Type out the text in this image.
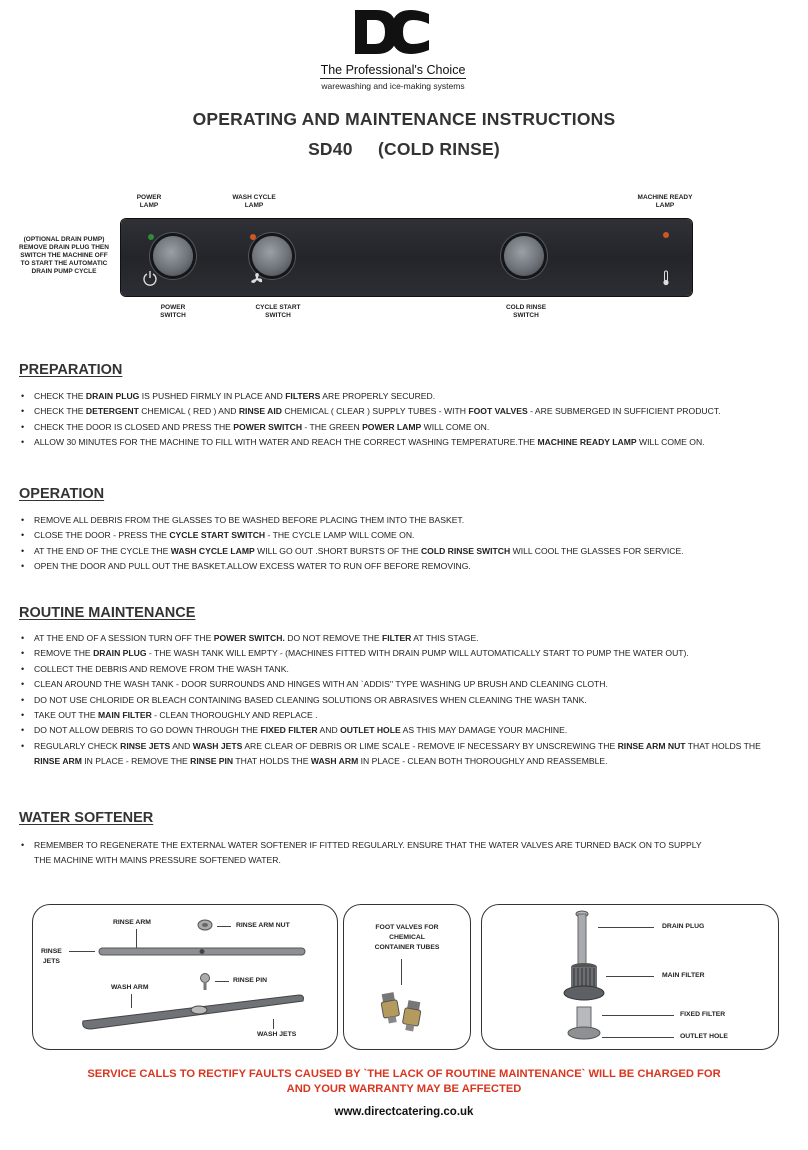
The Professional's Choice
warewashing and ice-making systems
OPERATING AND MAINTENANCE INSTRUCTIONS
SD40     (COLD RINSE)
POWER
LAMP
WASH CYCLE
LAMP
MACHINE READY
LAMP
(OPTIONAL DRAIN PUMP)
REMOVE DRAIN PLUG THEN
SWITCH THE MACHINE OFF
TO START THE AUTOMATIC
DRAIN PUMP CYCLE
POWER
SWITCH
CYCLE START
SWITCH
COLD RINSE
SWITCH
PREPARATION
• CHECK THE DRAIN PLUG IS PUSHED FIRMLY IN PLACE AND FILTERS ARE PROPERLY SECURED.
• CHECK THE DETERGENT CHEMICAL ( RED ) AND RINSE AID CHEMICAL ( CLEAR ) SUPPLY TUBES - WITH FOOT VALVES - ARE SUBMERGED IN SUFFICIENT PRODUCT.
• CHECK THE DOOR IS CLOSED AND PRESS THE POWER SWITCH - THE GREEN POWER LAMP WILL COME ON.
• ALLOW 30 MINUTES FOR THE MACHINE TO FILL WITH WATER AND REACH THE CORRECT WASHING TEMPERATURE.THE MACHINE READY LAMP WILL COME ON.
OPERATION
• REMOVE ALL DEBRIS FROM THE GLASSES TO BE WASHED BEFORE PLACING THEM INTO THE BASKET.
• CLOSE THE DOOR - PRESS THE CYCLE START SWITCH - THE CYCLE LAMP WILL COME ON.
• AT THE END OF THE CYCLE THE WASH CYCLE LAMP WILL GO OUT .SHORT BURSTS OF THE COLD RINSE SWITCH WILL COOL THE GLASSES FOR SERVICE.
• OPEN THE DOOR AND PULL OUT THE BASKET.ALLOW EXCESS WATER TO RUN OFF BEFORE REMOVING.
ROUTINE MAINTENANCE
• AT THE END OF A SESSION TURN OFF THE POWER SWITCH. DO NOT REMOVE THE FILTER AT THIS STAGE.
• REMOVE THE DRAIN PLUG - THE WASH TANK WILL EMPTY - (MACHINES FITTED WITH DRAIN PUMP WILL AUTOMATICALLY START TO PUMP THE WATER OUT).
• COLLECT THE DEBRIS AND REMOVE FROM THE WASH TANK.
• CLEAN AROUND THE WASH TANK - DOOR SURROUNDS AND HINGES WITH AN `ADDIS'' TYPE WASHING UP BRUSH AND CLEANING CLOTH.
• DO NOT USE CHLORIDE OR BLEACH CONTAINING BASED CLEANING SOLUTIONS OR ABRASIVES WHEN CLEANING THE WASH TANK.
• TAKE OUT THE MAIN FILTER - CLEAN THOROUGHLY AND REPLACE .
• DO NOT ALLOW DEBRIS TO GO DOWN THROUGH THE FIXED FILTER AND OUTLET HOLE AS THIS MAY DAMAGE YOUR MACHINE.
• REGULARLY CHECK RINSE JETS AND WASH JETS ARE CLEAR OF DEBRIS OR LIME SCALE - REMOVE IF NECESSARY BY UNSCREWING THE RINSE ARM NUT THAT HOLDS THE RINSE ARM IN PLACE - REMOVE THE RINSE PIN THAT HOLDS THE WASH ARM IN PLACE - CLEAN BOTH THOROUGHLY AND REASSEMBLE.
WATER SOFTENER
• REMEMBER TO REGENERATE THE EXTERNAL WATER SOFTENER IF FITTED REGULARLY. ENSURE THAT THE WATER VALVES ARE TURNED BACK ON TO SUPPLY THE MACHINE WITH MAINS PRESSURE SOFTENED WATER.
RINSE ARM	RINSE ARM NUT
RINSE
JETS
RINSE PIN
WASH ARM
WASH JETS
FOOT VALVES FOR
CHEMICAL
CONTAINER TUBES
DRAIN PLUG
MAIN FILTER
FIXED FILTER
OUTLET HOLE
SERVICE CALLS TO RECTIFY FAULTS CAUSED BY `THE LACK OF ROUTINE MAINTENANCE` WILL BE CHARGED FOR
AND YOUR WARRANTY MAY BE AFFECTED
www.directcatering.co.uk
